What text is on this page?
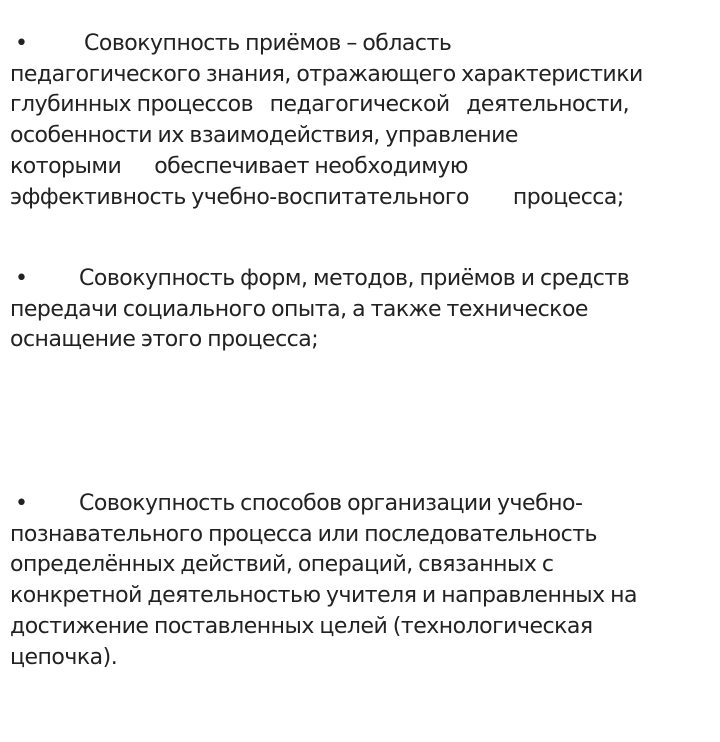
•	Совокупность приёмов – область
педагогического знания, отражающего характеристики
глубинных процессов   педагогической   деятельности,
особенности их взаимодействия, управление
которыми      обеспечивает необходимую
эффективность учебно-воспитательного        процесса;
• Совокупность форм, методов, приёмов и средств
передачи социального опыта, а также техническое
оснащение этого процесса;
• Совокупность способов организации учебно-
познавательного процесса или последовательность
определённых действий, операций, связанных с
конкретной деятельностью учителя и направленных на
достижение поставленных целей (технологическая
цепочка).
